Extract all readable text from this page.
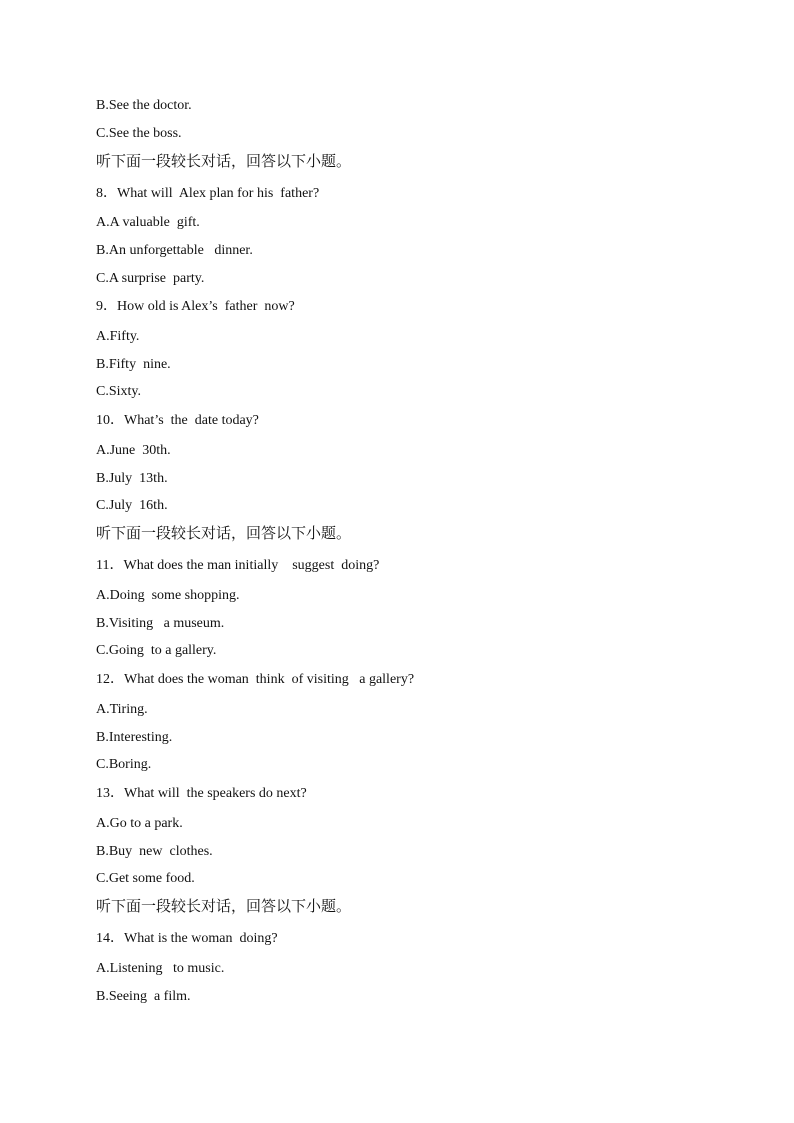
B.See the doctor.
C.See the boss.
听下面一段较长对话，回答以下小题。
8．What will  Alex plan for his  father?
A.A valuable  gift.
B.An unforgettable   dinner.
C.A surprise  party.
9．How old is Alex’s  father  now?
A.Fifty.
B.Fifty  nine.
C.Sixty.
10．What’s  the  date today?
A.June  30th.
B.July  13th.
C.July  16th.
听下面一段较长对话，回答以下小题。
11．What does the man initially    suggest  doing?
A.Doing  some shopping.
B.Visiting   a museum.
C.Going  to a gallery.
12．What does the woman  think  of visiting   a gallery?
A.Tiring.
B.Interesting.
C.Boring.
13．What will  the speakers do next?
A.Go to a park.
B.Buy  new  clothes.
C.Get some food.
听下面一段较长对话，回答以下小题。
14．What is the woman  doing?
A.Listening   to music.
B.Seeing  a film.
